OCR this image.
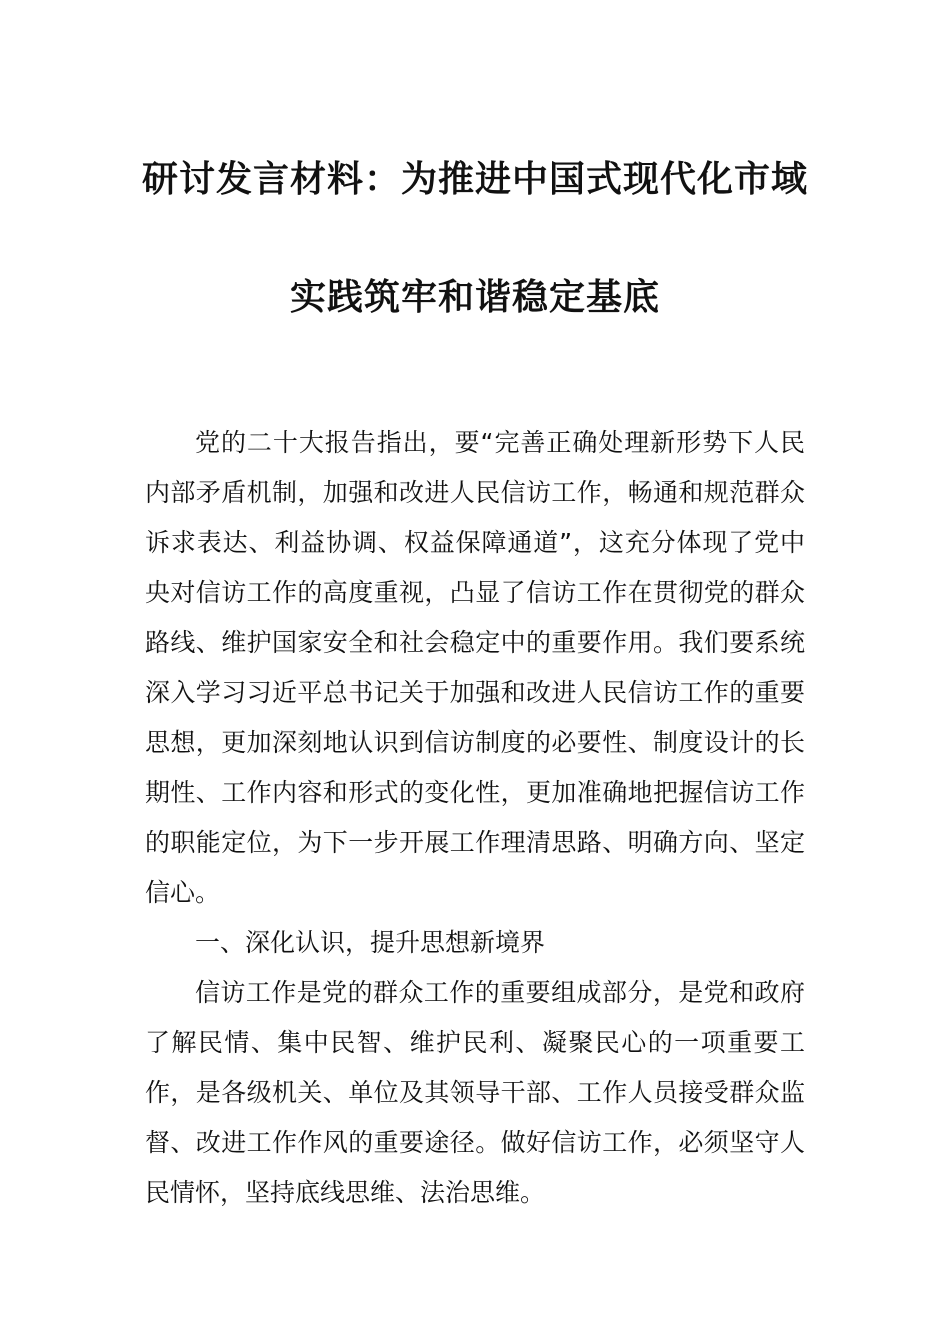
研讨发言材料：为推进中国式现代化市域
实践筑牢和谐稳定基底

党的二十大报告指出，要“完善正确处理新形势下人民内部矛盾机制，加强和改进人民信访工作，畅通和规范群众诉求表达、利益协调、权益保障通道”，这充分体现了党中央对信访工作的高度重视，凸显了信访工作在贯彻党的群众路线、维护国家安全和社会稳定中的重要作用。我们要系统深入学习习近平总书记关于加强和改进人民信访工作的重要思想，更加深刻地认识到信访制度的必要性、制度设计的长期性、工作内容和形式的变化性，更加准确地把握信访工作的职能定位，为下一步开展工作理清思路、明确方向、坚定信心。

一、深化认识，提升思想新境界

信访工作是党的群众工作的重要组成部分，是党和政府了解民情、集中民智、维护民利、凝聚民心的一项重要工作，是各级机关、单位及其领导干部、工作人员接受群众监督、改进工作作风的重要途径。做好信访工作，必须坚守人民情怀，坚持底线思维、法治思维。
